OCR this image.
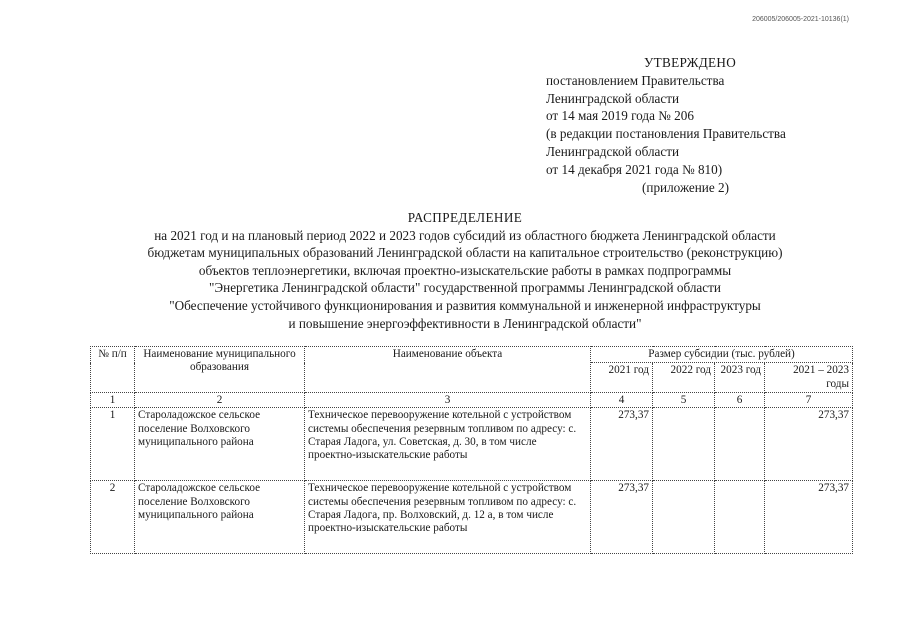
206005/206005-2021-10136(1)
УТВЕРЖДЕНО
постановлением Правительства
Ленинградской области
от 14 мая 2019 года № 206
(в редакции постановления Правительства
Ленинградской области
от 14 декабря 2021 года № 810)
(приложение 2)
РАСПРЕДЕЛЕНИЕ
на 2021 год и на плановый период 2022 и 2023 годов субсидий из областного бюджета Ленинградской области
бюджетам муниципальных образований Ленинградской области на капитальное строительство (реконструкцию)
объектов теплоэнергетики, включая проектно-изыскательские работы в рамках подпрограммы
"Энергетика Ленинградской области" государственной программы Ленинградской области
"Обеспечение устойчивого функционирования и развития коммунальной и инженерной инфраструктуры
и повышение энергоэффективности в Ленинградской области"
№ п/п	Наименование муниципального образования	Наименование объекта	Размер субсидии (тыс. рублей)			
			2021 год	2022 год	2023 год	2021 – 2023 годы
1	2	3	4	5	6	7
1	Староладожское сельское поселение Волховского муниципального района	Техническое перевооружение котельной с устройством системы обеспечения резервным топливом по адресу: с. Старая Ладога, ул. Советская, д. 30, в том числе проектно-изыскательские работы	273,37			273,37
2	Староладожское сельское поселение Волховского муниципального района	Техническое перевооружение котельной с устройством системы обеспечения резервным топливом по адресу: с. Старая Ладога, пр. Волховский, д. 12 а, в том числе проектно-изыскательские работы	273,37			273,37
